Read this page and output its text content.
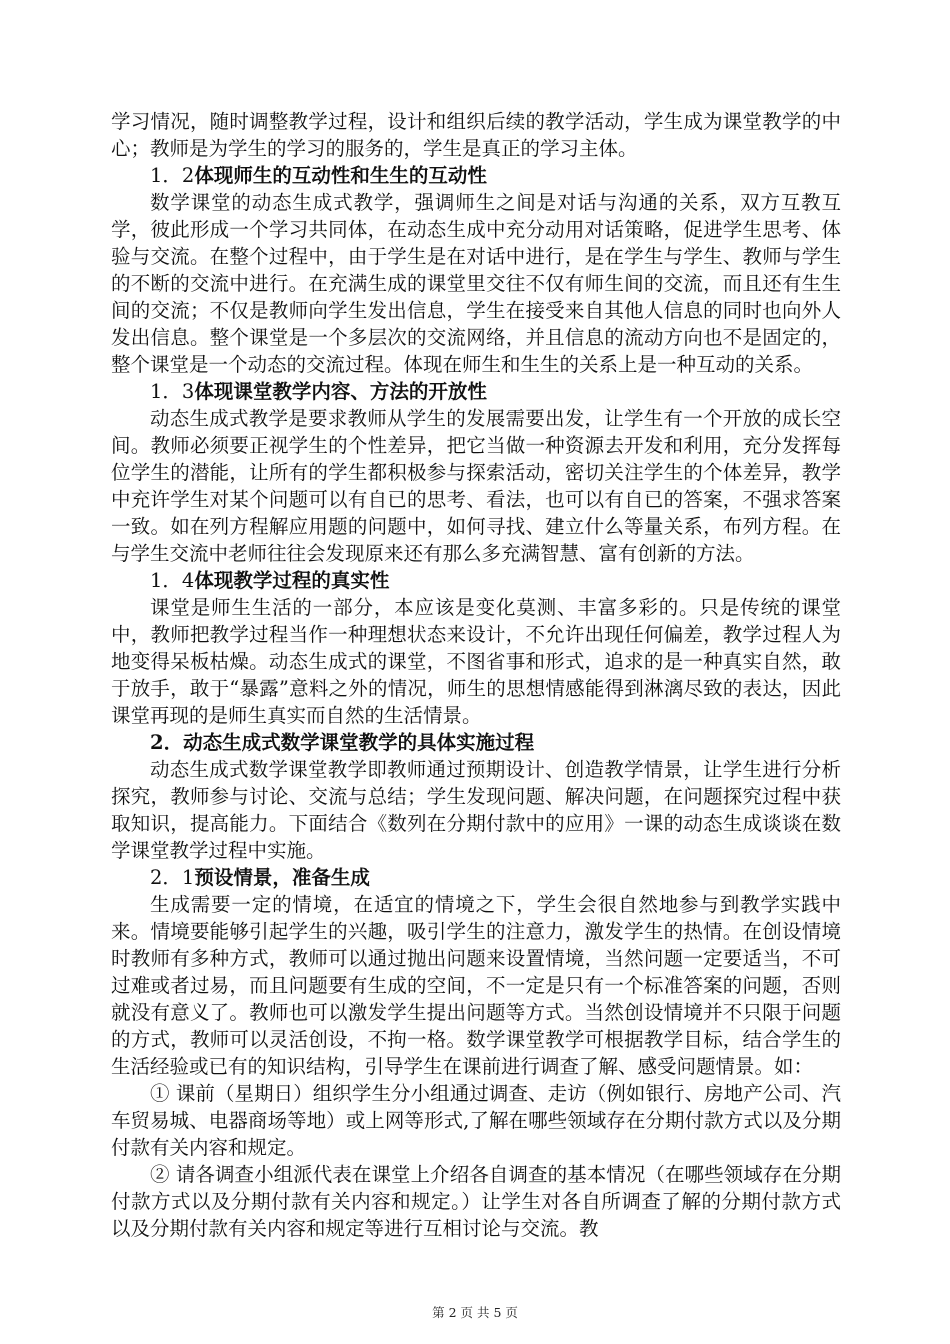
学习情况，随时调整教学过程，设计和组织后续的教学活动，学生成为课堂教学的中心；教师是为学生的学习的服务的，学生是真正的学习主体。

1．2体现师生的互动性和生生的互动性

数学课堂的动态生成式教学，强调师生之间是对话与沟通的关系，双方互教互学，彼此形成一个学习共同体，在动态生成中充分动用对话策略，促进学生思考、体验与交流。在整个过程中，由于学生是在对话中进行，是在学生与学生、教师与学生的不断的交流中进行。在充满生成的课堂里交往不仅有师生间的交流，而且还有生生间的交流；不仅是教师向学生发出信息，学生在接受来自其他人信息的同时也向外人发出信息。整个课堂是一个多层次的交流网络，并且信息的流动方向也不是固定的，整个课堂是一个动态的交流过程。体现在师生和生生的关系上是一种互动的关系。

1．3体现课堂教学内容、方法的开放性

动态生成式教学是要求教师从学生的发展需要出发，让学生有一个开放的成长空间。教师必须要正视学生的个性差异，把它当做一种资源去开发和利用，充分发挥每位学生的潜能，让所有的学生都积极参与探索活动，密切关注学生的个体差异，教学中充许学生对某个问题可以有自已的思考、看法，也可以有自已的答案，不强求答案一致。如在列方程解应用题的问题中，如何寻找、建立什么等量关系，布列方程。在与学生交流中老师往往会发现原来还有那么多充满智慧、富有创新的方法。

1．4体现教学过程的真实性

课堂是师生生活的一部分，本应该是变化莫测、丰富多彩的。只是传统的课堂中，教师把教学过程当作一种理想状态来设计，不允许出现任何偏差，教学过程人为地变得呆板枯燥。动态生成式的课堂，不图省事和形式，追求的是一种真实自然，敢于放手，敢于“暴露”意料之外的情况，师生的思想情感能得到淋漓尽致的表达，因此课堂再现的是师生真实而自然的生活情景。

2．动态生成式数学课堂教学的具体实施过程

动态生成式数学课堂教学即教师通过预期设计、创造教学情景，让学生进行分析探究，教师参与讨论、交流与总结；学生发现问题、解决问题，在问题探究过程中获取知识，提高能力。下面结合《数列在分期付款中的应用》一课的动态生成谈谈在数学课堂教学过程中实施。

2．1预设情景，准备生成

生成需要一定的情境，在适宜的情境之下，学生会很自然地参与到教学实践中来。情境要能够引起学生的兴趣，吸引学生的注意力，激发学生的热情。在创设情境时教师有多种方式，教师可以通过抛出问题来设置情境，当然问题一定要适当，不可过难或者过易，而且问题要有生成的空间，不一定是只有一个标准答案的问题，否则就没有意义了。教师也可以激发学生提出问题等方式。当然创设情境并不只限于问题的方式，教师可以灵活创设，不拘一格。数学课堂教学可根据教学目标，结合学生的生活经验或已有的知识结构，引导学生在课前进行调查了解、感受问题情景。如：

① 课前（星期日）组织学生分小组通过调查、走访（例如银行、房地产公司、汽车贸易城、电器商场等地）或上网等形式,了解在哪些领域存在分期付款方式以及分期付款有关内容和规定。

② 请各调查小组派代表在课堂上介绍各自调查的基本情况（在哪些领域存在分期付款方式以及分期付款有关内容和规定。）让学生对各自所调查了解的分期付款方式以及分期付款有关内容和规定等进行互相讨论与交流。教

第 2 页 共 5 页
